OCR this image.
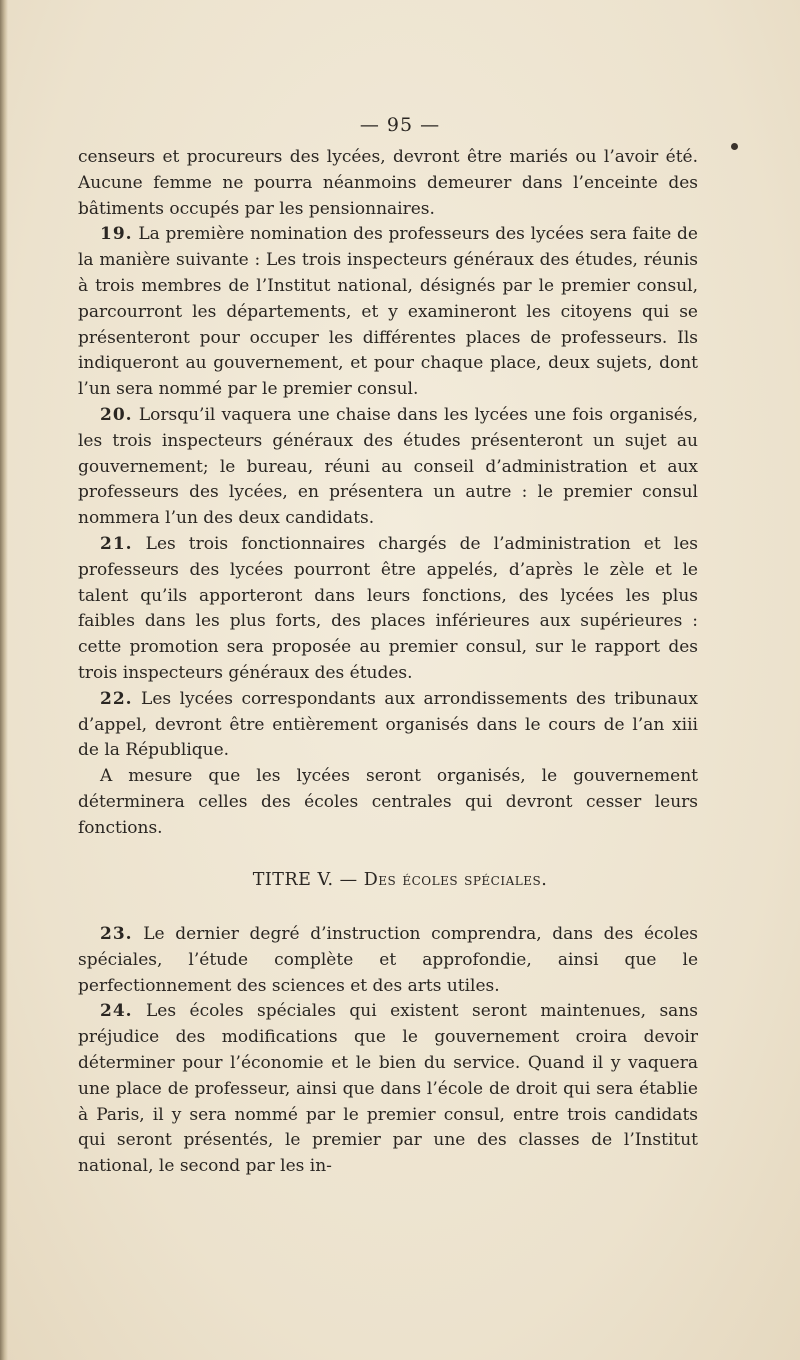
— 95 —

censeurs et procureurs des lycées, devront être mariés ou l’avoir été. Aucune femme ne pourra néanmoins demeurer dans l’enceinte des bâtiments occupés par les pensionnaires.

19. La première nomination des professeurs des lycées sera faite de la manière suivante : Les trois inspecteurs généraux des études, réunis à trois membres de l’Institut national, désignés par le premier consul, parcourront les départements, et y examineront les citoyens qui se présenteront pour occuper les différentes places de professeurs. Ils indiqueront au gouvernement, et pour chaque place, deux sujets, dont l’un sera nommé par le premier consul.

20. Lorsqu’il vaquera une chaise dans les lycées une fois organisés, les trois inspecteurs généraux des études présenteront un sujet au gouvernement; le bureau, réuni au conseil d’administration et aux professeurs des lycées, en présentera un autre : le premier consul nommera l’un des deux candidats.

21. Les trois fonctionnaires chargés de l’administration et les professeurs des lycées pourront être appelés, d’après le zèle et le talent qu’ils apporteront dans leurs fonctions, des lycées les plus faibles dans les plus forts, des places inférieures aux supérieures : cette promotion sera proposée au premier consul, sur le rapport des trois inspecteurs généraux des études.

22. Les lycées correspondants aux arrondissements des tribunaux d’appel, devront être entièrement organisés dans le cours de l’an xiii de la République.

A mesure que les lycées seront organisés, le gouvernement déterminera celles des écoles centrales qui devront cesser leurs fonctions.

TITRE V. — Des écoles spéciales.

23. Le dernier degré d’instruction comprendra, dans des écoles spéciales, l’étude complète et approfondie, ainsi que le perfectionnement des sciences et des arts utiles.

24. Les écoles spéciales qui existent seront maintenues, sans préjudice des modifications que le gouvernement croira devoir déterminer pour l’économie et le bien du service. Quand il y vaquera une place de professeur, ainsi que dans l’école de droit qui sera établie à Paris, il y sera nommé par le premier consul, entre trois candidats qui seront présentés, le premier par une des classes de l’Institut national, le second par les in-
